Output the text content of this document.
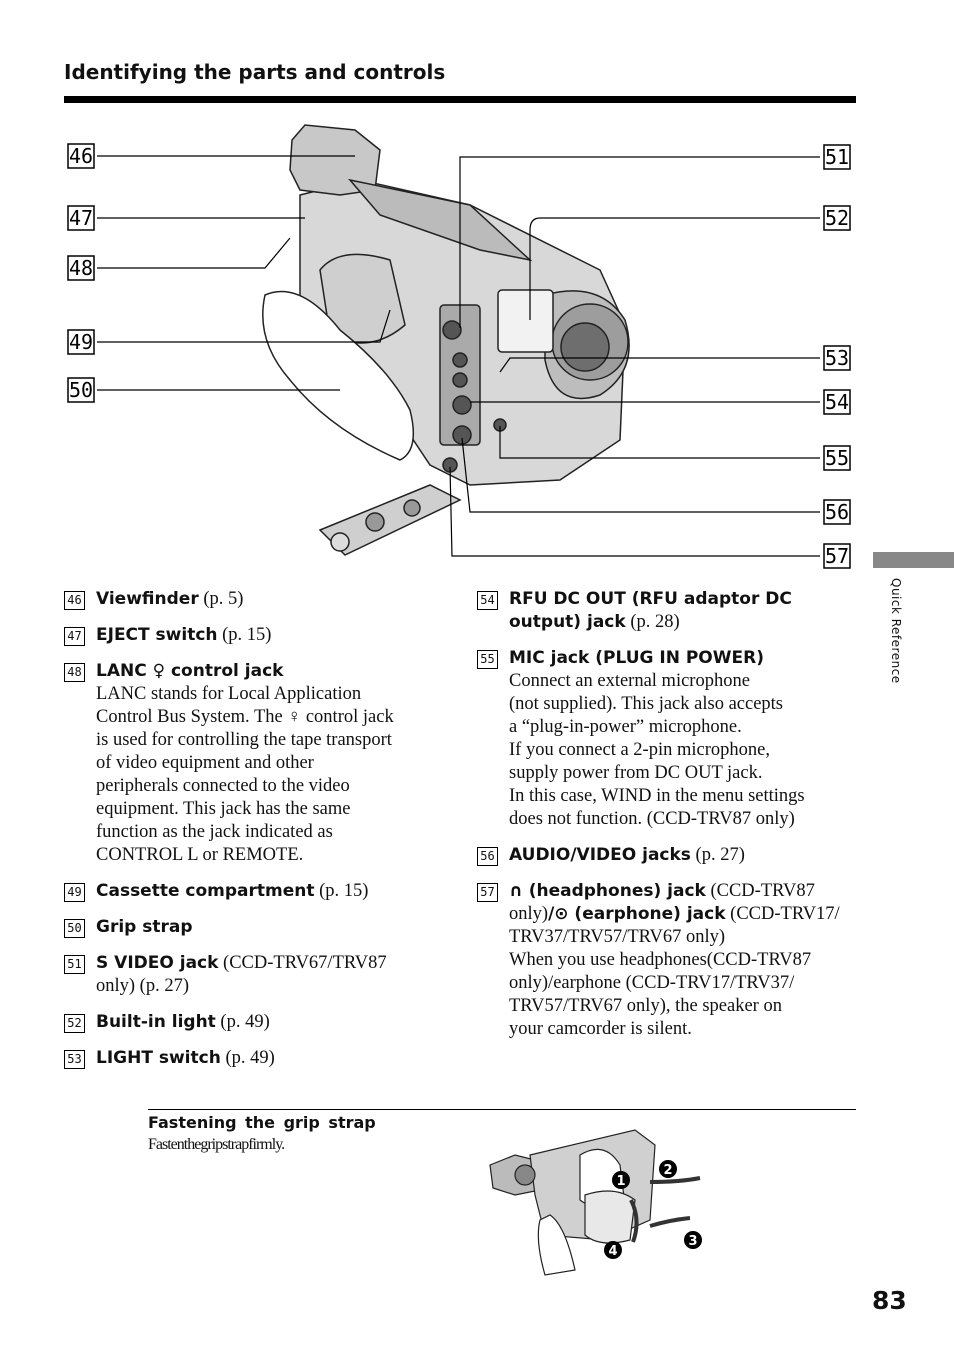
Identifying the parts and controls
46
47
48
49
50
51
52
53
54
55
56
57
46 Viewfinder (p. 5)
47 EJECT switch (p. 15)
48 LANC ♀ control jack
LANC stands for Local Application
Control Bus System. The ♀ control jack
is used for controlling the tape transport
of video equipment and other
peripherals connected to the video
equipment. This jack has the same
function as the jack indicated as
CONTROL L or REMOTE.
49 Cassette compartment (p. 15)
50 Grip strap
51 S VIDEO jack (CCD-TRV67/TRV87
only) (p. 27)
52 Built-in light (p. 49)
53 LIGHT switch (p. 49)
54 RFU DC OUT (RFU adaptor DC output) jack (p. 28)
55 MIC jack (PLUG IN POWER)
Connect an external microphone
(not supplied). This jack also accepts
a “plug-in-power” microphone.
If you connect a 2-pin microphone,
supply power from DC OUT jack.
In this case, WIND in the menu settings
does not function. (CCD-TRV87 only)
56 AUDIO/VIDEO jacks (p. 27)
57 ∩ (headphones) jack (CCD-TRV87
only)/⊙ (earphone) jack (CCD-TRV17/
TRV37/TRV57/TRV67 only)
When you use headphones(CCD-TRV87
only)/earphone (CCD-TRV17/TRV37/
TRV57/TRV67 only), the speaker on
your camcorder is silent.
Quick Reference
Fastening the grip strap
Fastenthegripstrapfirmly.
1
2
3
4
83
